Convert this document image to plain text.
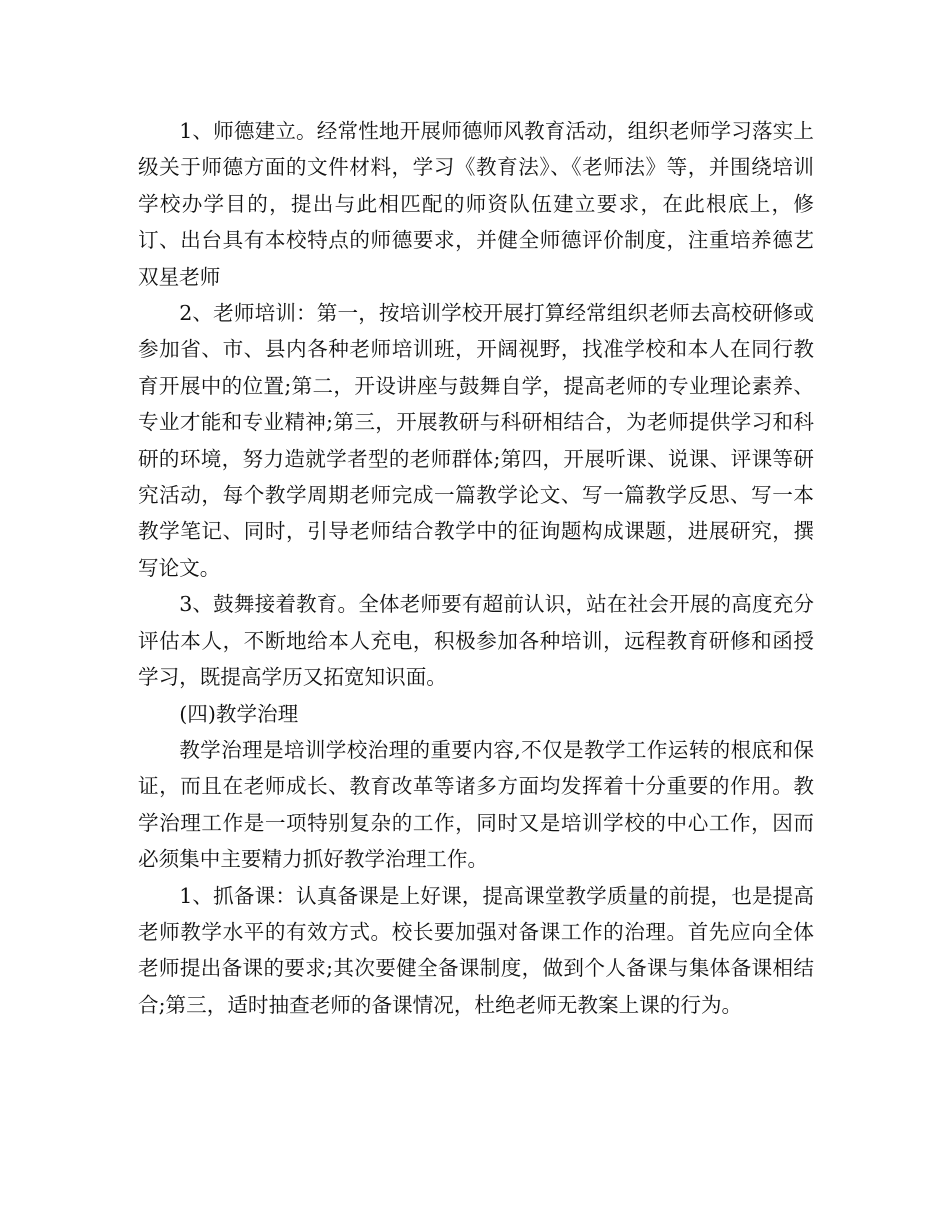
1、师德建立。经常性地开展师德师风教育活动，组织老师学习落实上级关于师德方面的文件材料，学习《教育法》、《老师法》等，并围绕培训学校办学目的，提出与此相匹配的师资队伍建立要求，在此根底上，修订、出台具有本校特点的师德要求，并健全师德评价制度，注重培养德艺双星老师

2、老师培训：第一，按培训学校开展打算经常组织老师去高校研修或参加省、市、县内各种老师培训班，开阔视野，找准学校和本人在同行教育开展中的位置;第二，开设讲座与鼓舞自学，提高老师的专业理论素养、专业才能和专业精神;第三，开展教研与科研相结合，为老师提供学习和科研的环境，努力造就学者型的老师群体;第四，开展听课、说课、评课等研究活动，每个教学周期老师完成一篇教学论文、写一篇教学反思、写一本教学笔记、同时，引导老师结合教学中的征询题构成课题，进展研究，撰写论文。

3、鼓舞接着教育。全体老师要有超前认识，站在社会开展的高度充分评估本人，不断地给本人充电，积极参加各种培训，远程教育研修和函授学习，既提高学历又拓宽知识面。

(四)教学治理

教学治理是培训学校治理的重要内容,不仅是教学工作运转的根底和保证，而且在老师成长、教育改革等诸多方面均发挥着十分重要的作用。教学治理工作是一项特别复杂的工作，同时又是培训学校的中心工作，因而必须集中主要精力抓好教学治理工作。

1、抓备课：认真备课是上好课，提高课堂教学质量的前提，也是提高老师教学水平的有效方式。校长要加强对备课工作的治理。首先应向全体老师提出备课的要求;其次要健全备课制度，做到个人备课与集体备课相结合;第三，适时抽查老师的备课情况，杜绝老师无教案上课的行为。
